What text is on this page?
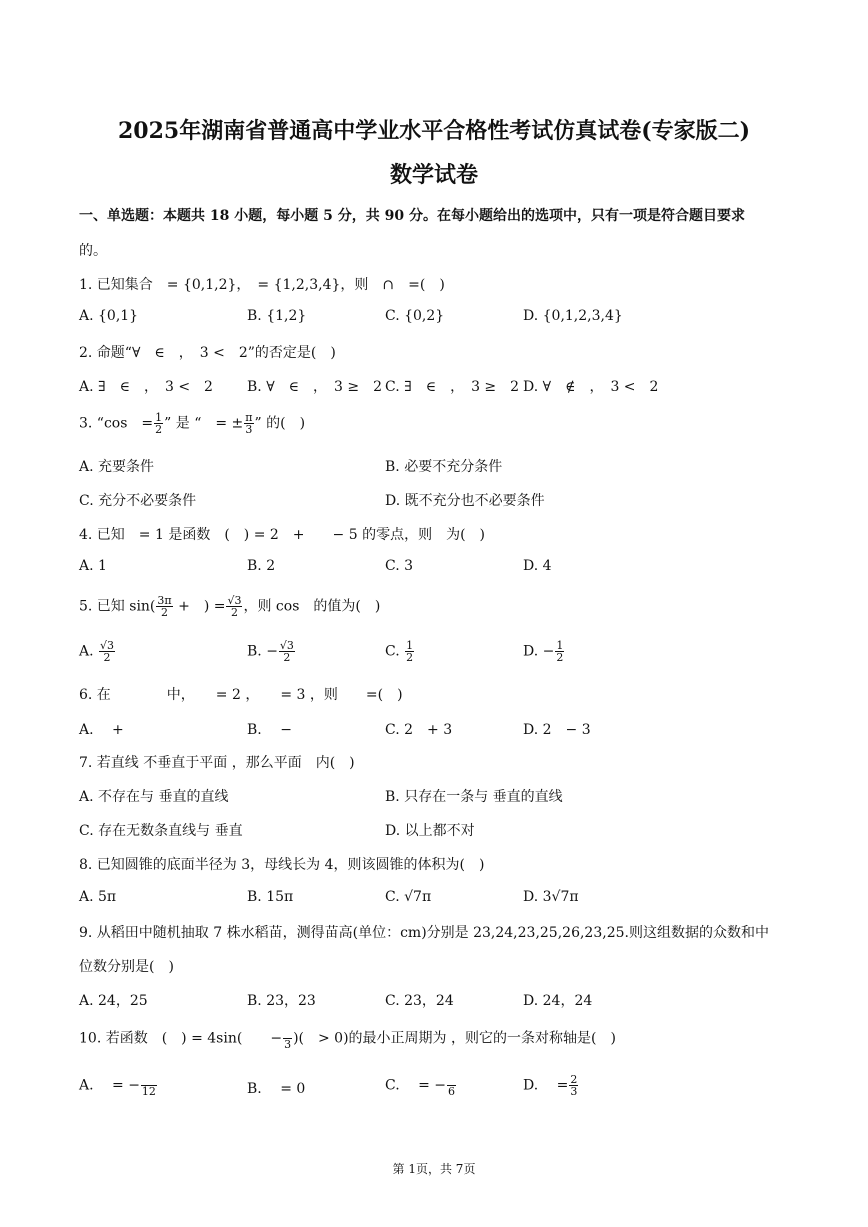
2025年湖南省普通高中学业水平合格性考试仿真试卷(专家版二)
数学试卷
一、单选题：本题共 18 小题，每小题 5 分，共 90 分。在每小题给出的选项中，只有一项是符合题目要求
的。
1. 已知集合　= {0,1,2}，　= {1,2,3,4}，则　∩　=(　)
A. {0,1}	B. {1,2}	C. {0,2}	D. {0,1,2,3,4}
2. 命题“∀　∈　，　3 <　2”的否定是(　)
A. ∃　∈　，　3 <　2 B. ∀　∈　，　3 ≥　2 C. ∃　∈　，　3 ≥　2 D. ∀　∉　，　3 <　2
3. “cos　= $\frac{1}{2}$ ” 是 “　= ± $\frac{\pi}{3}$ ” 的(　)
A. 充要条件	B. 必要不充分条件
C. 充分不必要条件	D. 既不充分也不必要条件
4. 已知　= 1 是函数　(　) = 2　+　　− 5 的零点，则　为(　)
A. 1	B. 2	C. 3	D. 4
5. 已知 $\sin( \frac{3\pi}{2}$ +　) = $\frac{√3}{2}$ ，则 cos　的值为(　)
A. $\frac{√3}{2}$	B. − $\frac{√3}{2}$	C. $\frac{1}{2}$	D. − $\frac{1}{2}$
6. 在　　　　中，　　= 2 ，　　= 3 ，则　　=(　)
A. 　+	B. 　−	C. 2　+ 3	D. 2　− 3
7. 若直线 不垂直于平面 ，那么平面　内(　)
A. 不存在与 垂直的直线	B. 只存在一条与 垂直的直线
C. 存在无数条直线与 垂直	D. 以上都不对
8. 已知圆锥的底面半径为 3，母线长为 4，则该圆锥的体积为(　)
A. 5π	B. 15π	C. √7π	D. 3√7π
9. 从稻田中随机抽取 7 株水稻苗，测得苗高(单位：cm)分别是 23,24,23,25,26,23,25.则这组数据的众数和中
位数分别是(　)
A. 24，25	B. 23，23	C. 23，24	D. 24，24
10. 若函数　(　) = 4sin(　　−
3 )(　> 0)的最小正周期为 ，则它的一条对称轴是(　)
A. 　= −
12	B. 　= 0	C. 　= −
6	D. 　= $\frac{2}{3}$
第 1页，共 7页
